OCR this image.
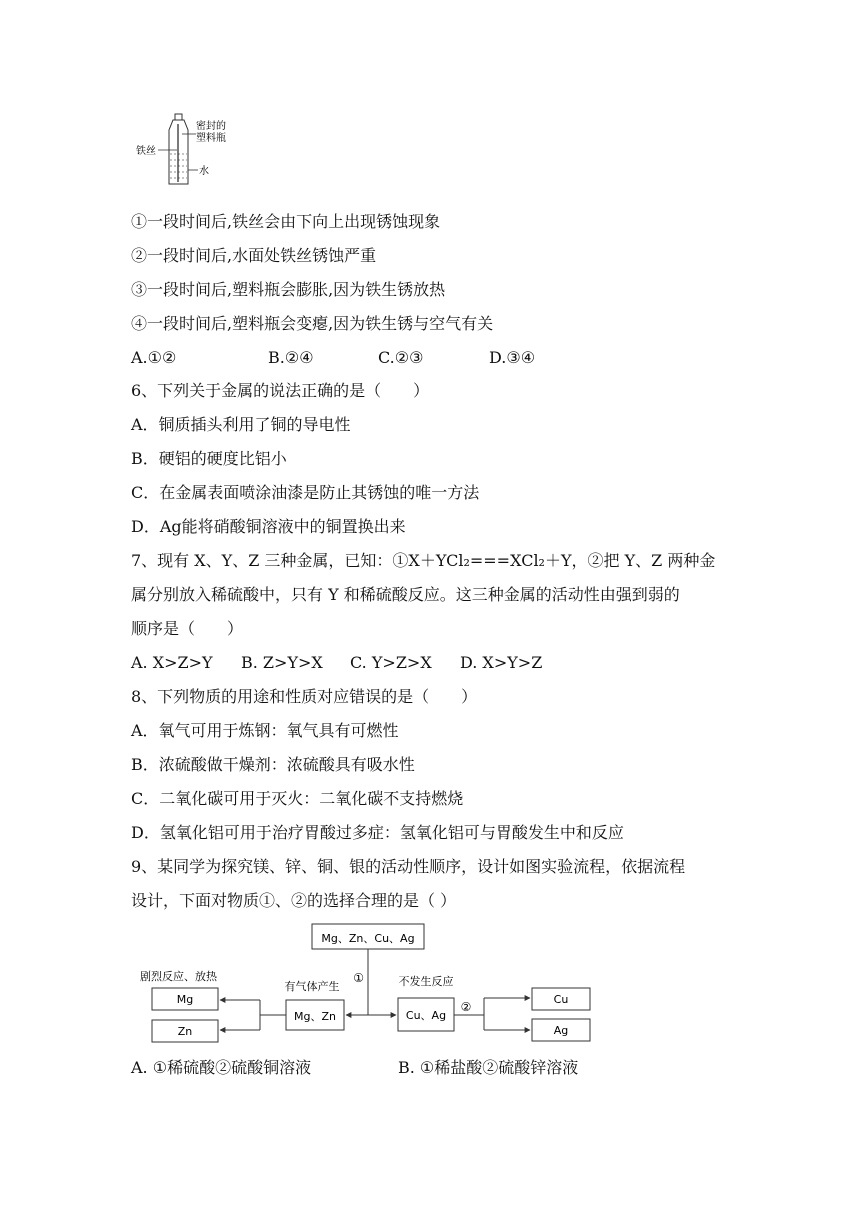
铁丝
密封的
塑料瓶
水
①一段时间后,铁丝会由下向上出现锈蚀现象
②一段时间后,水面处铁丝锈蚀严重
③一段时间后,塑料瓶会膨胀,因为铁生锈放热
④一段时间后,塑料瓶会变瘪,因为铁生锈与空气有关
A.①②	B.②④	C.②③	D.③④
6、下列关于金属的说法正确的是（　　）
A．铜质插头利用了铜的导电性
B．硬铝的硬度比铝小
C．在金属表面喷涂油漆是防止其锈蚀的唯一方法
D．Ag能将硝酸铜溶液中的铜置换出来
7、现有 X、Y、Z 三种金属，已知：①X＋YCl₂===XCl₂＋Y，②把 Y、Z 两种金
属分别放入稀硫酸中，只有 Y 和稀硫酸反应。这三种金属的活动性由强到弱的
顺序是（　　）
A. X>Z>Y B. Z>Y>X C. Y>Z>X D. X>Y>Z
8、下列物质的用途和性质对应错误的是（　　）
A．氧气可用于炼钢：氧气具有可燃性
B．浓硫酸做干燥剂：浓硫酸具有吸水性
C．二氧化碳可用于灭火：二氧化碳不支持燃烧
D．氢氧化铝可用于治疗胃酸过多症：氢氧化铝可与胃酸发生中和反应
9、某同学为探究镁、锌、铜、银的活动性顺序，设计如图实验流程，依据流程
设计，下面对物质①、②的选择合理的是（ ）
Mg、Zn、Cu、Ag
①
有气体产生
Mg、Zn
剧烈反应、放热
Mg
Zn
不发生反应
Cu、Ag
②
Cu
Ag
A. ①稀硫酸②硫酸铜溶液	B. ①稀盐酸②硫酸锌溶液
